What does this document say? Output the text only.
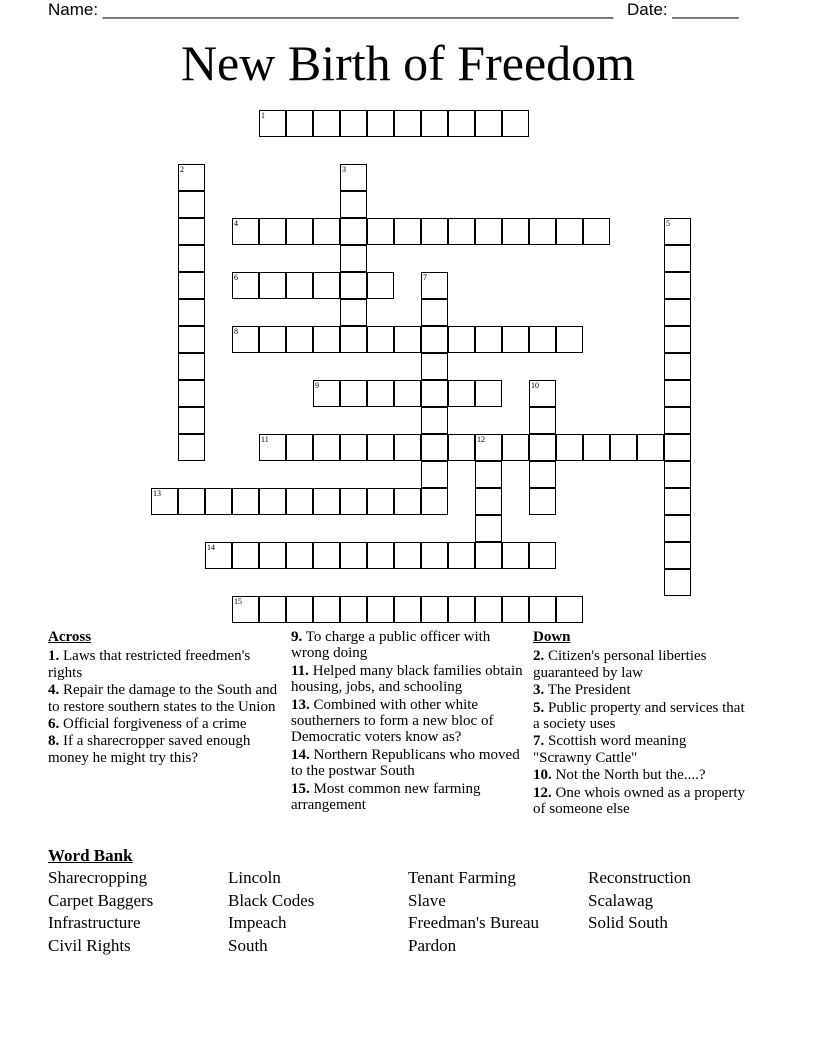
Name: ______________________________________________________ Date: _______
New Birth of Freedom
1
2	3
4	5
6	7
8
9	10
11	12
13
14
15
Across
1. Laws that restricted freedmen's rights
4. Repair the damage to the South and to restore southern states to the Union
6. Official forgiveness of a crime
8. If a sharecropper saved enough money he might try this?
9. To charge a public officer with wrong doing
11. Helped many black families obtain housing, jobs, and schooling
13. Combined with other white southerners to form a new bloc of Democratic voters know as?
14. Northern Republicans who moved to the postwar South
15. Most common new farming arrangement
Down
2. Citizen's personal liberties guaranteed by law
3. The President
5. Public property and services that a society uses
7. Scottish word meaning "Scrawny Cattle"
10. Not the North but the....?
12. One whois owned as a property of someone else
Word Bank
Sharecropping
Carpet Baggers
Infrastructure
Civil Rights
Lincoln
Black Codes
Impeach
South
Tenant Farming
Slave
Freedman's Bureau
Pardon
Reconstruction
Scalawag
Solid South
